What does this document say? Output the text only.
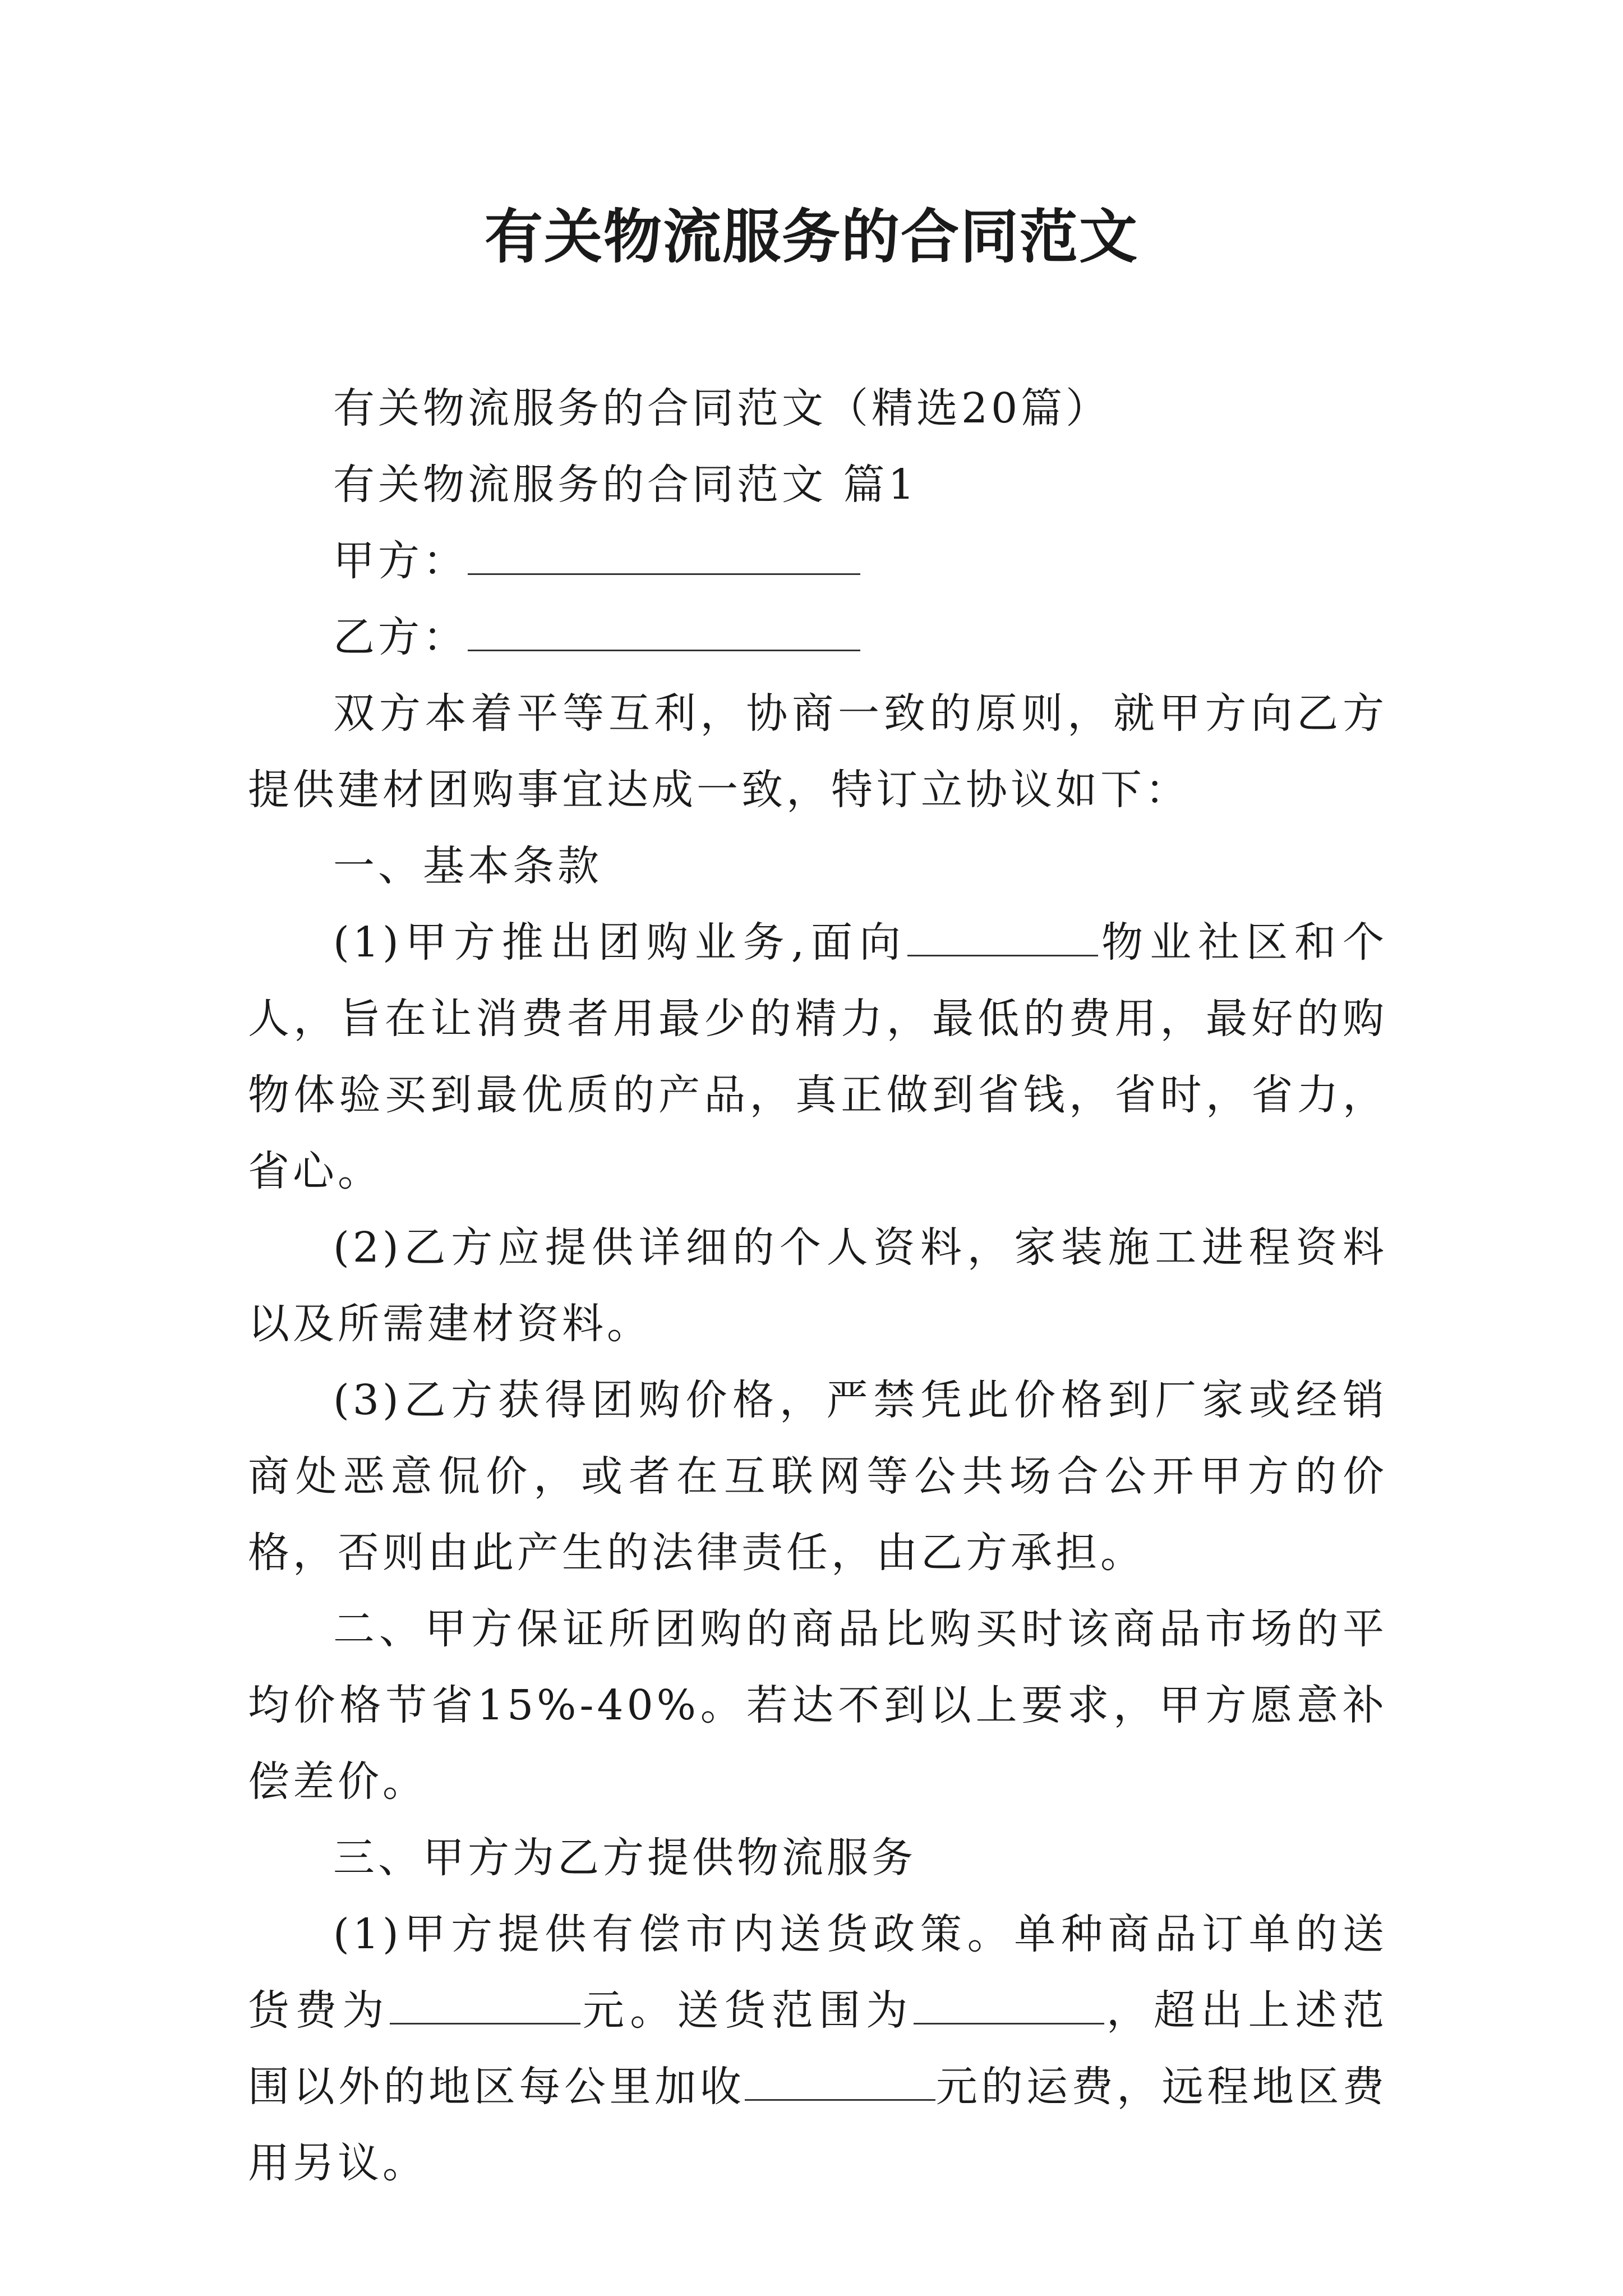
有关物流服务的合同范文

有关物流服务的合同范文（精选20篇）

有关物流服务的合同范文 篇1

甲方：

乙方：

双方本着平等互利，协商一致的原则，就甲方向乙方提供建材团购事宜达成一致，特订立协议如下：

一、基本条款

(1)甲方推出团购业务,面向	物业社区和个人，旨在让消费者用最少的精力，最低的费用，最好的购物体验买到最优质的产品，真正做到省钱，省时，省力，省心。

(2)乙方应提供详细的个人资料，家装施工进程资料以及所需建材资料。

(3)乙方获得团购价格，严禁凭此价格到厂家或经销商处恶意侃价，或者在互联网等公共场合公开甲方的价格，否则由此产生的法律责任，由乙方承担。

二、甲方保证所团购的商品比购买时该商品市场的平均价格节省15%-40%。若达不到以上要求，甲方愿意补偿差价。

三、甲方为乙方提供物流服务

(1)甲方提供有偿市内送货政策。单种商品订单的送货费为	元。送货范围为	，超出上述范围以外的地区每公里加收	元的运费，远程地区费用另议。
